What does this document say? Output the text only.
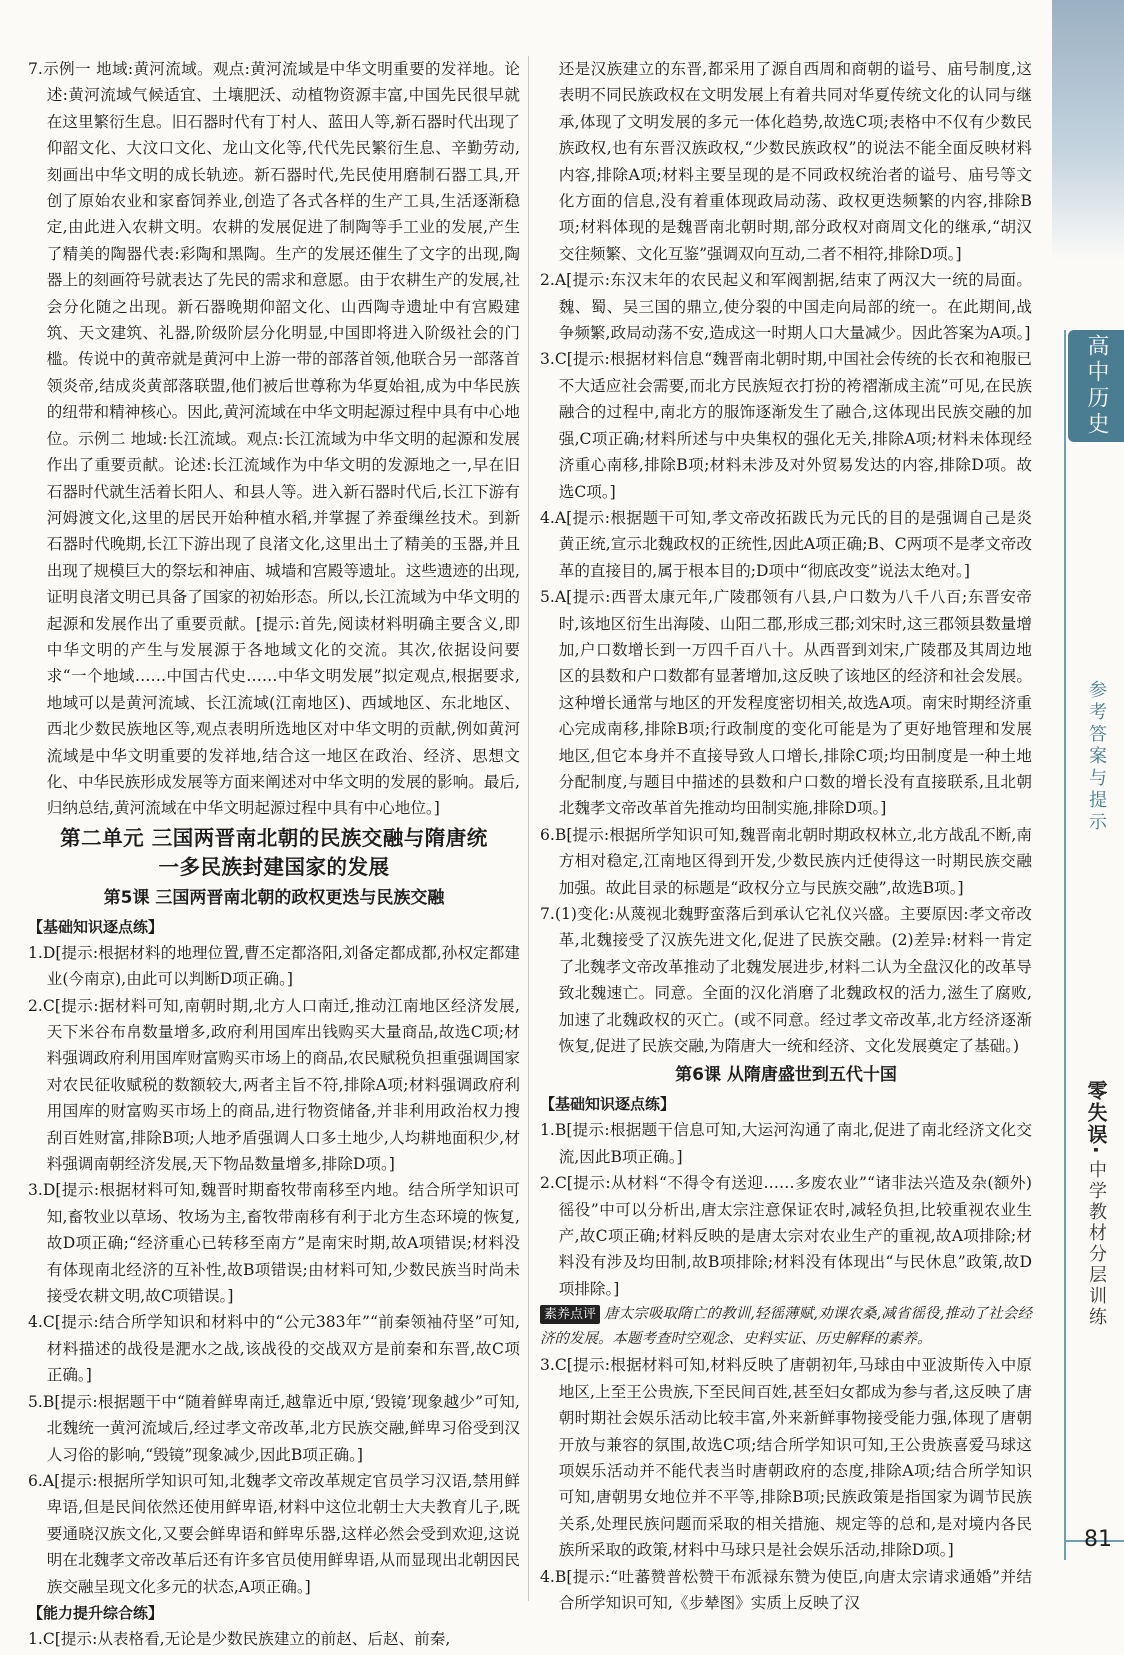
7.示例一 地域:黄河流域。观点:黄河流域是中华文明重要的发祥地。论述:黄河流域气候适宜、土壤肥沃、动植物资源丰富,中国先民很早就在这里繁衍生息。旧石器时代有丁村人、蓝田人等,新石器时代出现了仰韶文化、大汶口文化、龙山文化等,代代先民繁衍生息、辛勤劳动,刻画出中华文明的成长轨迹。新石器时代,先民使用磨制石器工具,开创了原始农业和家畜饲养业,创造了各式各样的生产工具,生活逐渐稳定,由此进入农耕文明。农耕的发展促进了制陶等手工业的发展,产生了精美的陶器代表:彩陶和黑陶。生产的发展还催生了文字的出现,陶器上的刻画符号就表达了先民的需求和意愿。由于农耕生产的发展,社会分化随之出现。新石器晚期仰韶文化、山西陶寺遗址中有宫殿建筑、天文建筑、礼器,阶级阶层分化明显,中国即将进入阶级社会的门槛。传说中的黄帝就是黄河中上游一带的部落首领,他联合另一部落首领炎帝,结成炎黄部落联盟,他们被后世尊称为华夏始祖,成为中华民族的纽带和精神核心。因此,黄河流域在中华文明起源过程中具有中心地位。示例二 地域:长江流域。观点:长江流域为中华文明的起源和发展作出了重要贡献。论述:长江流域作为中华文明的发源地之一,早在旧石器时代就生活着长阳人、和县人等。进入新石器时代后,长江下游有河姆渡文化,这里的居民开始种植水稻,并掌握了养蚕缫丝技术。到新石器时代晚期,长江下游出现了良渚文化,这里出土了精美的玉器,并且出现了规模巨大的祭坛和神庙、城墙和宫殿等遗址。这些遗迹的出现,证明良渚文明已具备了国家的初始形态。所以,长江流域为中华文明的起源和发展作出了重要贡献。[提示:首先,阅读材料明确主要含义,即中华文明的产生与发展源于各地域文化的交流。其次,依据设问要求“一个地域……中国古代史……中华文明发展”拟定观点,根据要求,地域可以是黄河流域、长江流域(江南地区)、西域地区、东北地区、西北少数民族地区等,观点表明所选地区对中华文明的贡献,例如黄河流域是中华文明重要的发祥地,结合这一地区在政治、经济、思想文化、中华民族形成发展等方面来阐述对中华文明的发展的影响。最后,归纳总结,黄河流域在中华文明起源过程中具有中心地位。]

第二单元 三国两晋南北朝的民族交融与隋唐统
一多民族封建国家的发展
第5课 三国两晋南北朝的政权更迭与民族交融
【基础知识逐点练】

1.D[提示:根据材料的地理位置,曹丕定都洛阳,刘备定都成都,孙权定都建业(今南京),由此可以判断D项正确。]

2.C[提示:据材料可知,南朝时期,北方人口南迁,推动江南地区经济发展,天下米谷布帛数量增多,政府利用国库出钱购买大量商品,故选C项;材料强调政府利用国库财富购买市场上的商品,农民赋税负担重强调国家对农民征收赋税的数额较大,两者主旨不符,排除A项;材料强调政府利用国库的财富购买市场上的商品,进行物资储备,并非利用政治权力搜刮百姓财富,排除B项;人地矛盾强调人口多土地少,人均耕地面积少,材料强调南朝经济发展,天下物品数量增多,排除D项。]

3.D[提示:根据材料可知,魏晋时期畜牧带南移至内地。结合所学知识可知,畜牧业以草场、牧场为主,畜牧带南移有利于北方生态环境的恢复,故D项正确;“经济重心已转移至南方”是南宋时期,故A项错误;材料没有体现南北经济的互补性,故B项错误;由材料可知,少数民族当时尚未接受农耕文明,故C项错误。]

4.C[提示:结合所学知识和材料中的“公元383年”“前秦领袖苻坚”可知,材料描述的战役是淝水之战,该战役的交战双方是前秦和东晋,故C项正确。]

5.B[提示:根据题干中“随着鲜卑南迁,越靠近中原,‘毁镜’现象越少”可知,北魏统一黄河流域后,经过孝文帝改革,北方民族交融,鲜卑习俗受到汉人习俗的影响,“毁镜”现象减少,因此B项正确。]

6.A[提示:根据所学知识可知,北魏孝文帝改革规定官员学习汉语,禁用鲜卑语,但是民间依然还使用鲜卑语,材料中这位北朝士大夫教育儿子,既要通晓汉族文化,又要会鲜卑语和鲜卑乐器,这样必然会受到欢迎,这说明在北魏孝文帝改革后还有许多官员使用鲜卑语,从而显现出北朝因民族交融呈现文化多元的状态,A项正确。]

【能力提升综合练】

1.C[提示:从表格看,无论是少数民族建立的前赵、后赵、前秦,

还是汉族建立的东晋,都采用了源自西周和商朝的谥号、庙号制度,这表明不同民族政权在文明发展上有着共同对华夏传统文化的认同与继承,体现了文明发展的多元一体化趋势,故选C项;表格中不仅有少数民族政权,也有东晋汉族政权,“少数民族政权”的说法不能全面反映材料内容,排除A项;材料主要呈现的是不同政权统治者的谥号、庙号等文化方面的信息,没有着重体现政局动荡、政权更迭频繁的内容,排除B项;材料体现的是魏晋南北朝时期,部分政权对商周文化的继承,“胡汉交往频繁、文化互鉴”强调双向互动,二者不相符,排除D项。]

2.A[提示:东汉末年的农民起义和军阀割据,结束了两汉大一统的局面。魏、蜀、吴三国的鼎立,使分裂的中国走向局部的统一。在此期间,战争频繁,政局动荡不安,造成这一时期人口大量减少。因此答案为A项。]

3.C[提示:根据材料信息“魏晋南北朝时期,中国社会传统的长衣和袍服已不大适应社会需要,而北方民族短衣打扮的袴褶渐成主流”可见,在民族融合的过程中,南北方的服饰逐渐发生了融合,这体现出民族交融的加强,C项正确;材料所述与中央集权的强化无关,排除A项;材料未体现经济重心南移,排除B项;材料未涉及对外贸易发达的内容,排除D项。故选C项。]

4.A[提示:根据题干可知,孝文帝改拓跋氏为元氏的目的是强调自己是炎黄正统,宣示北魏政权的正统性,因此A项正确;B、C两项不是孝文帝改革的直接目的,属于根本目的;D项中“彻底改变”说法太绝对。]

5.A[提示:西晋太康元年,广陵郡领有八县,户口数为八千八百;东晋安帝时,该地区衍生出海陵、山阳二郡,形成三郡;刘宋时,这三郡领县数量增加,户口数增长到一万四千百八十。从西晋到刘宋,广陵郡及其周边地区的县数和户口数都有显著增加,这反映了该地区的经济和社会发展。这种增长通常与地区的开发程度密切相关,故选A项。南宋时期经济重心完成南移,排除B项;行政制度的变化可能是为了更好地管理和发展地区,但它本身并不直接导致人口增长,排除C项;均田制度是一种土地分配制度,与题目中描述的县数和户口数的增长没有直接联系,且北朝北魏孝文帝改革首先推动均田制实施,排除D项。]

6.B[提示:根据所学知识可知,魏晋南北朝时期政权林立,北方战乱不断,南方相对稳定,江南地区得到开发,少数民族内迁使得这一时期民族交融加强。故此目录的标题是“政权分立与民族交融”,故选B项。]

7.(1)变化:从蔑视北魏野蛮落后到承认它礼仪兴盛。主要原因:孝文帝改革,北魏接受了汉族先进文化,促进了民族交融。(2)差异:材料一肯定了北魏孝文帝改革推动了北魏发展进步,材料二认为全盘汉化的改革导致北魏速亡。同意。全面的汉化消磨了北魏政权的活力,滋生了腐败,加速了北魏政权的灭亡。(或不同意。经过孝文帝改革,北方经济逐渐恢复,促进了民族交融,为隋唐大一统和经济、文化发展奠定了基础。)

第6课 从隋唐盛世到五代十国
【基础知识逐点练】

1.B[提示:根据题干信息可知,大运河沟通了南北,促进了南北经济文化交流,因此B项正确。]

2.C[提示:从材料“不得令有送迎……多废农业”“诸非法兴造及杂(额外)徭役”中可以分析出,唐太宗注意保证农时,减轻负担,比较重视农业生产,故C项正确;材料反映的是唐太宗对农业生产的重视,故A项排除;材料没有涉及均田制,故B项排除;材料没有体现出“与民休息”政策,故D项排除。]

素养点评 唐太宗吸取隋亡的教训,轻徭薄赋,劝课农桑,减省徭役,推动了社会经济的发展。本题考查时空观念、史料实证、历史解释的素养。

3.C[提示:根据材料可知,材料反映了唐朝初年,马球由中亚波斯传入中原地区,上至王公贵族,下至民间百姓,甚至妇女都成为参与者,这反映了唐朝时期社会娱乐活动比较丰富,外来新鲜事物接受能力强,体现了唐朝开放与兼容的氛围,故选C项;结合所学知识可知,王公贵族喜爱马球这项娱乐活动并不能代表当时唐朝政府的态度,排除A项;结合所学知识可知,唐朝男女地位并不平等,排除B项;民族政策是指国家为调节民族关系,处理民族问题而采取的相关措施、规定等的总和,是对境内各民族所采取的政策,材料中马球只是社会娱乐活动,排除D项。]

4.B[提示:“吐蕃赞普松赞干布派禄东赞为使臣,向唐太宗请求通婚”并结合所学知识可知,《步辇图》实质上反映了汉

高中历史
参考答案与提示
零失误·
中学教材分层训练
81
